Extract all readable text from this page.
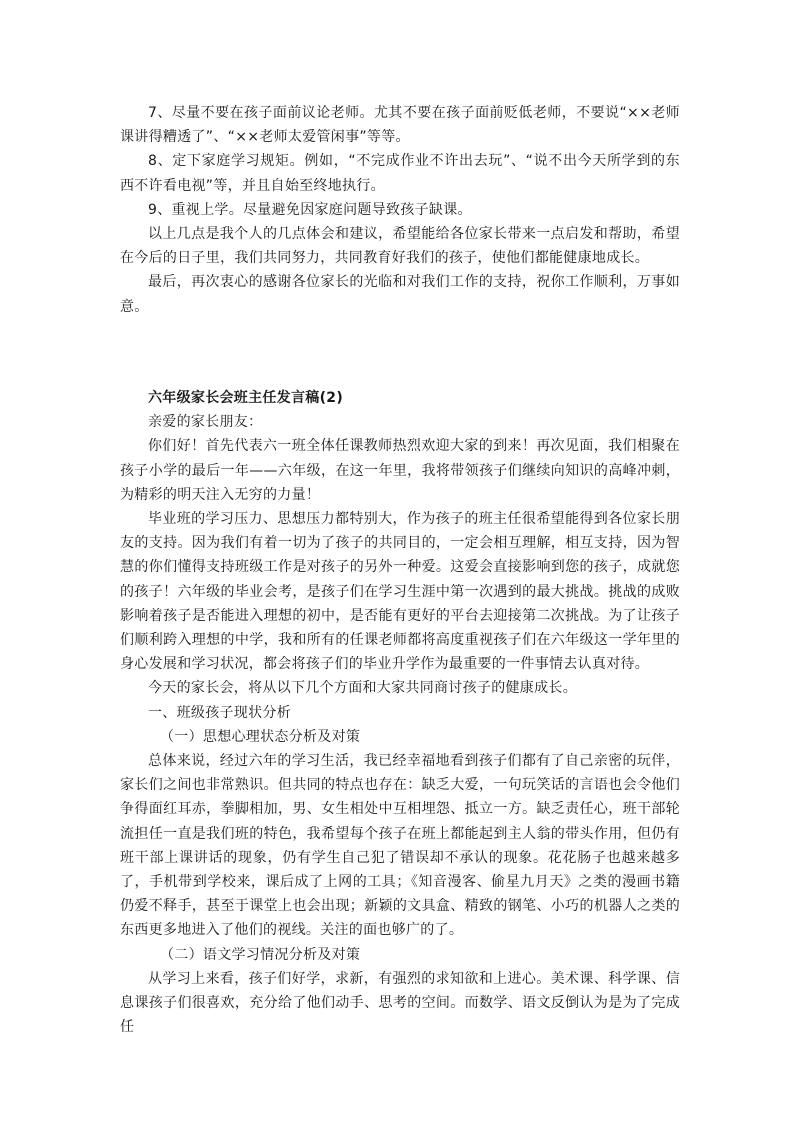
7、尽量不要在孩子面前议论老师。尤其不要在孩子面前贬低老师，不要说“××老师课讲得糟透了”、“××老师太爱管闲事”等等。

8、定下家庭学习规矩。例如，“不完成作业不许出去玩”、“说不出今天所学到的东西不许看电视”等，并且自始至终地执行。

9、重视上学。尽量避免因家庭问题导致孩子缺课。

以上几点是我个人的几点体会和建议，希望能给各位家长带来一点启发和帮助，希望在今后的日子里，我们共同努力，共同教育好我们的孩子，使他们都能健康地成长。

最后，再次衷心的感谢各位家长的光临和对我们工作的支持，祝你工作顺利，万事如意。

六年级家长会班主任发言稿(2)

亲爱的家长朋友：

你们好！首先代表六一班全体任课教师热烈欢迎大家的到来！再次见面，我们相聚在孩子小学的最后一年——六年级，在这一年里，我将带领孩子们继续向知识的高峰冲刺，为精彩的明天注入无穷的力量！

毕业班的学习压力、思想压力都特别大，作为孩子的班主任很希望能得到各位家长朋友的支持。因为我们有着一切为了孩子的共同目的，一定会相互理解，相互支持，因为智慧的你们懂得支持班级工作是对孩子的另外一种爱。这爱会直接影响到您的孩子，成就您的孩子！六年级的毕业会考，是孩子们在学习生涯中第一次遇到的最大挑战。挑战的成败影响着孩子是否能进入理想的初中，是否能有更好的平台去迎接第二次挑战。为了让孩子们顺利跨入理想的中学，我和所有的任课老师都将高度重视孩子们在六年级这一学年里的身心发展和学习状况，都会将孩子们的毕业升学作为最重要的一件事情去认真对待。

今天的家长会，将从以下几个方面和大家共同商讨孩子的健康成长。

一、班级孩子现状分析

（一）思想心理状态分析及对策

总体来说，经过六年的学习生活，我已经幸福地看到孩子们都有了自己亲密的玩伴，家长们之间也非常熟识。但共同的特点也存在：缺乏大爱，一句玩笑话的言语也会令他们争得面红耳赤，拳脚相加，男、女生相处中互相埋怨、抵立一方。缺乏责任心，班干部轮流担任一直是我们班的特色，我希望每个孩子在班上都能起到主人翁的带头作用，但仍有班干部上课讲话的现象，仍有学生自己犯了错误却不承认的现象。花花肠子也越来越多了，手机带到学校来，课后成了上网的工具；《知音漫客、偷星九月天》之类的漫画书籍仍爱不释手，甚至于课堂上也会出现；新颖的文具盒、精致的钢笔、小巧的机器人之类的东西更多地进入了他们的视线。关注的面也够广的了。

（二）语文学习情况分析及对策

从学习上来看，孩子们好学，求新，有强烈的求知欲和上进心。美术课、科学课、信息课孩子们很喜欢，充分给了他们动手、思考的空间。而数学、语文反倒认为是为了完成任
